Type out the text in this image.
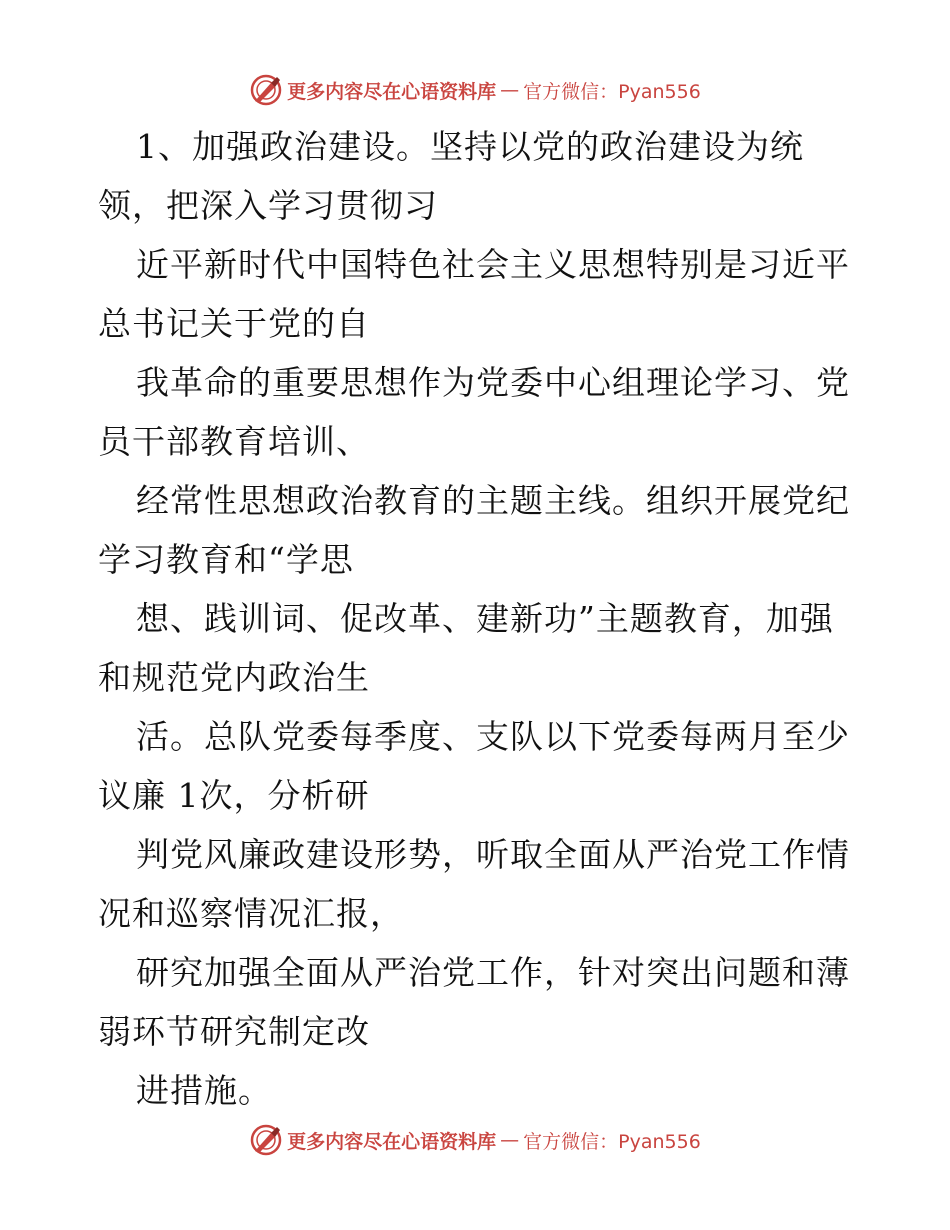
更多内容尽在心语资料库 — 官方微信：Pyan556
1、加强政治建设。坚持以党的政治建设为统
领，把深入学习贯彻习
近平新时代中国特色社会主义思想特别是习近平
总书记关于党的自
我革命的重要思想作为党委中心组理论学习、党
员干部教育培训、
经常性思想政治教育的主题主线。组织开展党纪
学习教育和“学思
想、践训词、促改革、建新功”主题教育，加强
和规范党内政治生
活。总队党委每季度、支队以下党委每两月至少
议廉 1次，分析研
判党风廉政建设形势，听取全面从严治党工作情
况和巡察情况汇报，
研究加强全面从严治党工作，针对突出问题和薄
弱环节研究制定改
进措施。
更多内容尽在心语资料库 — 官方微信：Pyan556
